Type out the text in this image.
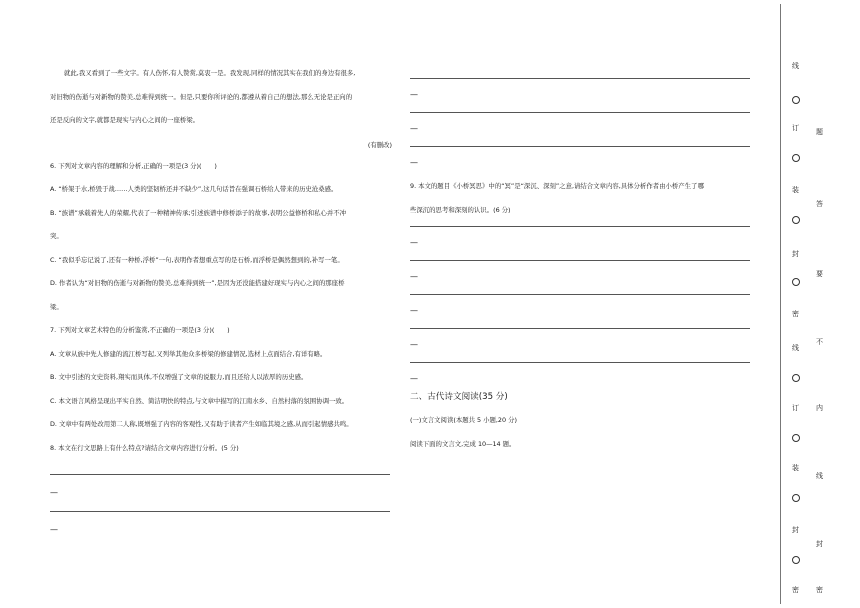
就此,我又看到了一些文字。有人伤怀,有人赞赏,莫衷一是。我发现,同样的情况其实在我们的身边有很多,

对旧物的伤逝与对新物的赞美,总难得到统一。但是,只要你所评论的,都遵从着自己的想法,那么无论是正向的

还是反向的文字,就都是现实与内心之间的一座桥梁。

(有删改)

6. 下列对文章内容的理解和分析,正确的一项是(3 分)(　　)

A. “桥架于水,桥毁于战……人类的坚韧桥还并不缺少”,这几句话旨在强调石桥给人带来的历史沧桑感。

B. “族谱”承载着先人的荣耀,代表了一种精神传承;引述族谱中修桥添子的故事,表明公益修桥和私心并不冲

突。

C. “我似乎忘记说了,还有一种桥,浮桥”一句,表明作者想重点写的是石桥,而浮桥是偶然想到的,补写一笔。

D. 作者认为“对旧物的伤逝与对新物的赞美,总难得到统一”,是因为还没能搭建好现实与内心之间的那座桥

梁。

7. 下列对文章艺术特色的分析鉴赏,不正确的一项是(3 分)(　　)

A. 文章从族中先人修建的流江桥写起,又列举其他众多桥梁的修建情况,选材上点面结合,有详有略。

B. 文中引述的文史资料,翔实而具体,不仅增强了文章的说服力,而且还给人以浓厚的历史感。

C. 本文语言风格呈现出平实自然、简洁明快的特点,与文章中描写的江南水乡、自然村落的氛围协调一致。

D. 文章中有两处改用第二人称,既增强了内容的客观性,又有助于读者产生如临其境之感,从而引起情感共鸣。

8. 本文在行文思路上有什么特点?请结合文章内容进行分析。(5 分)

—
—
—
—
—

9. 本文的题目《小桥冥思》中的“冥”是“深沉、深刻”之意,请结合文章内容,具体分析作者由小桥产生了哪

些深沉的思考和深刻的认识。(6 分)

—
—
—
—
—

二、古代诗文阅读(35 分)

(一)文言文阅读(本题共 5 小题,20 分)

阅读下面的文言文,完成 10—14 题。

线
题
订
装
答
封
要
密
不
线
订 内
装
线
封
封
密 密
